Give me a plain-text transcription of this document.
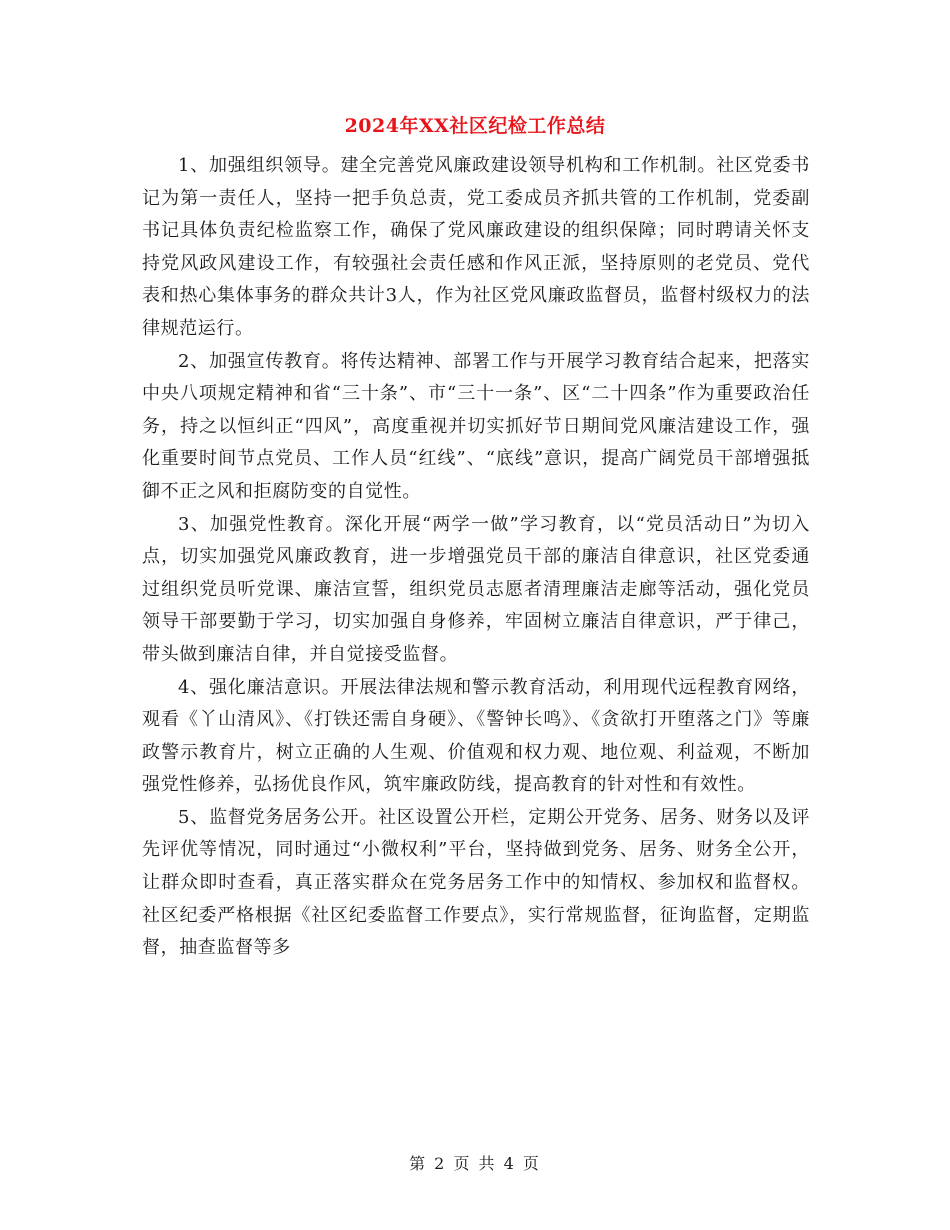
2024年XX社区纪检工作总结

1、加强组织领导。建全完善党风廉政建设领导机构和工作机制。社区党委书记为第一责任人，坚持一把手负总责，党工委成员齐抓共管的工作机制，党委副书记具体负责纪检监察工作，确保了党风廉政建设的组织保障；同时聘请关怀支持党风政风建设工作，有较强社会责任感和作风正派，坚持原则的老党员、党代表和热心集体事务的群众共计3人，作为社区党风廉政监督员，监督村级权力的法律规范运行。

2、加强宣传教育。将传达精神、部署工作与开展学习教育结合起来，把落实中央八项规定精神和省“三十条”、市“三十一条”、区“二十四条”作为重要政治任务，持之以恒纠正“四风”，高度重视并切实抓好节日期间党风廉洁建设工作，强化重要时间节点党员、工作人员“红线”、“底线”意识，提高广阔党员干部增强抵御不正之风和拒腐防变的自觉性。

3、加强党性教育。深化开展“两学一做”学习教育，以“党员活动日”为切入点，切实加强党风廉政教育，进一步增强党员干部的廉洁自律意识，社区党委通过组织党员听党课、廉洁宣誓，组织党员志愿者清理廉洁走廊等活动，强化党员领导干部要勤于学习，切实加强自身修养，牢固树立廉洁自律意识，严于律己，带头做到廉洁自律，并自觉接受监督。

4、强化廉洁意识。开展法律法规和警示教育活动，利用现代远程教育网络，观看《丫山清风》、《打铁还需自身硬》、《警钟长鸣》、《贪欲打开堕落之门》等廉政警示教育片，树立正确的人生观、价值观和权力观、地位观、利益观，不断加强党性修养，弘扬优良作风，筑牢廉政防线，提高教育的针对性和有效性。

5、监督党务居务公开。社区设置公开栏，定期公开党务、居务、财务以及评先评优等情况，同时通过“小微权利”平台，坚持做到党务、居务、财务全公开，让群众即时查看，真正落实群众在党务居务工作中的知情权、参加权和监督权。社区纪委严格根据《社区纪委监督工作要点》，实行常规监督，征询监督，定期监督，抽查监督等多

第 2 页 共 4 页
